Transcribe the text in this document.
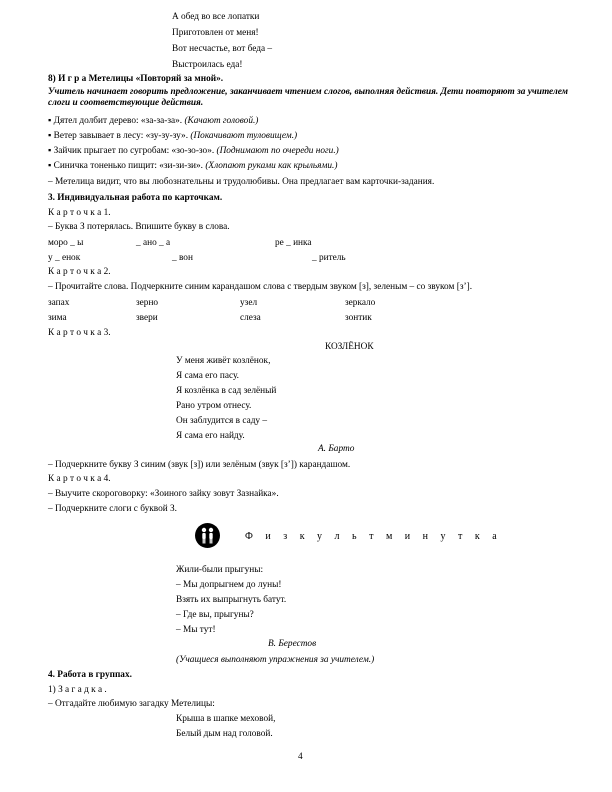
А обед во все лопатки
Приготовлен от меня!
Вот несчастье, вот беда –
Выстроилась еда!
8) И г р а Метелицы «Повторяй за мной».
Учитель начинает говорить предложение, заканчивает чтением слогов, выполняя действия. Дети повторяют за учителем слоги и соответствующие действия.
▪ Дятел долбит дерево: «за-за-за». (Качают головой.)
▪ Ветер завывает в лесу: «зу-зу-зу». (Покачивают туловищем.)
▪ Зайчик прыгает по сугробам: «зо-зо-зо». (Поднимают по очереди ноги.)
▪ Синичка тоненько пищит: «зи-зи-зи». (Хлопают руками как крыльями.)
– Метелица видит, что вы любознательны и трудолюбивы. Она предлагает вам карточки-задания.
3. Индивидуальная работа по карточкам.
К а р т о ч к а 1.
– Буква З потерялась. Впишите букву в слова.
моро _ ы	_ ано _ а	ре _ инка
у _ енок	_ вон	_ ритель
К а р т о ч к а 2.
– Прочитайте слова. Подчеркните синим карандашом слова с твердым звуком [з], зеленым – со звуком [з’].
запах	зерно	узел	зеркало
зима	звери	слеза	зонтик
К а р т о ч к а 3.
КОЗЛЁНОК
У меня живёт козлёнок,
Я сама его пасу.
Я козлёнка в сад зелёный
Рано утром отнесу.
Он заблудится в саду –
Я сама его найду.
А. Барто
– Подчеркните букву З синим (звук [з]) или зелёным (звук [з’]) карандашом.
К а р т о ч к а 4.
– Выучите скороговорку: «Зоиного зайку зовут Зазнайка».
– Подчеркните слоги с буквой З.
Ф и з к у л ь т м и н у т к а
Жили-были прыгуны:
– Мы допрыгнем до луны!
Взять их выпрыгнуть батут.
– Где вы, прыгуны?
– Мы тут!
В. Берестов
(Учащиеся выполняют упражнения за учителем.)
4. Работа в группах.
1) З а г а д к а .
– Отгадайте любимую загадку Метелицы:
Крыша в шапке меховой,
Белый дым над головой.
4
